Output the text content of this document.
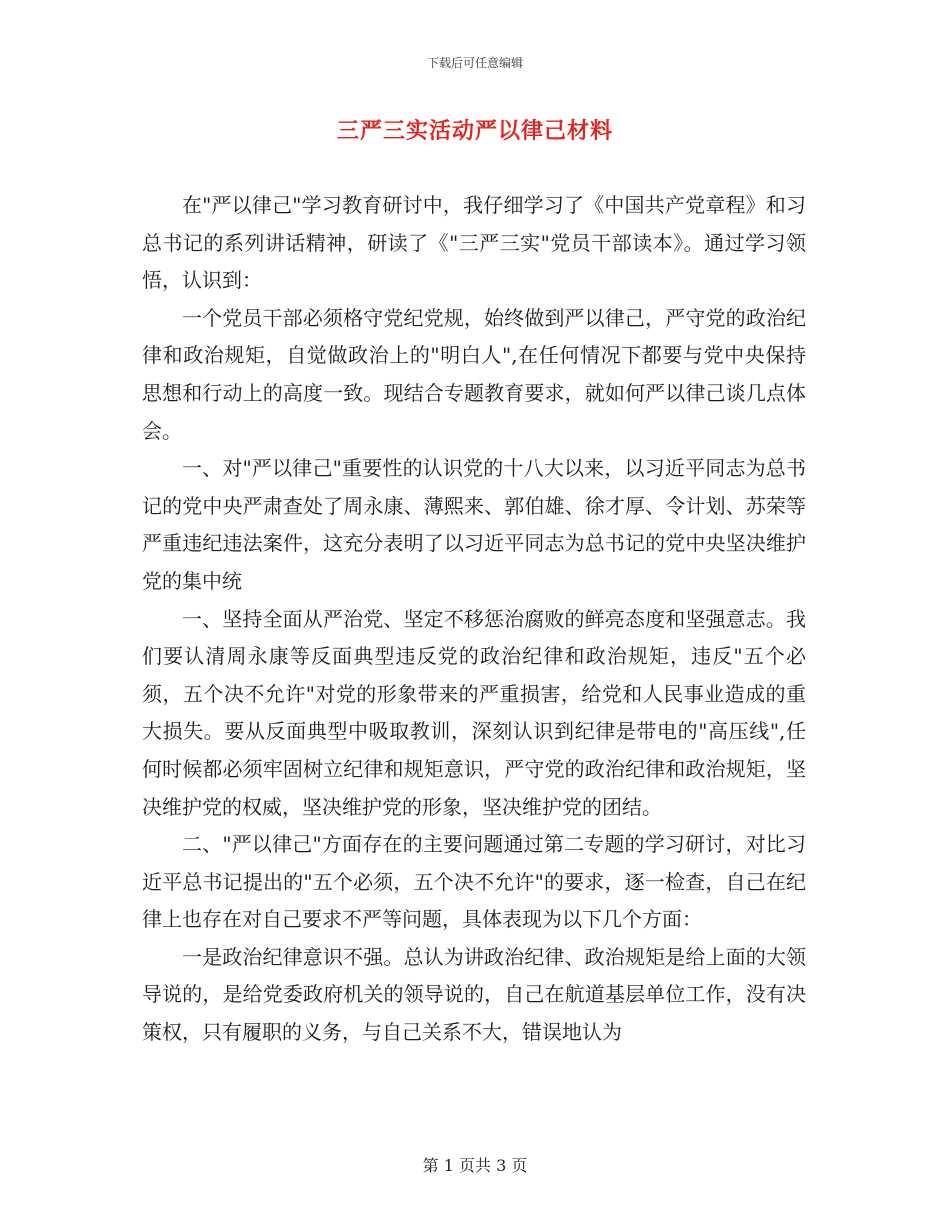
下载后可任意编辑
三严三实活动严以律己材料

在"严以律己"学习教育研讨中，我仔细学习了《中国共产党章程》和习总书记的系列讲话精神，研读了《"三严三实"党员干部读本》。通过学习领悟，认识到：

一个党员干部必须格守党纪党规，始终做到严以律己，严守党的政治纪律和政治规矩，自觉做政治上的"明白人",在任何情况下都要与党中央保持思想和行动上的高度一致。现结合专题教育要求，就如何严以律己谈几点体会。

一、对"严以律己"重要性的认识党的十八大以来，以习近平同志为总书记的党中央严肃查处了周永康、薄熙来、郭伯雄、徐才厚、令计划、苏荣等严重违纪违法案件，这充分表明了以习近平同志为总书记的党中央坚决维护党的集中统

一、坚持全面从严治党、坚定不移惩治腐败的鲜亮态度和坚强意志。我们要认清周永康等反面典型违反党的政治纪律和政治规矩，违反"五个必须，五个决不允许"对党的形象带来的严重损害，给党和人民事业造成的重大损失。要从反面典型中吸取教训，深刻认识到纪律是带电的"高压线",任何时候都必须牢固树立纪律和规矩意识，严守党的政治纪律和政治规矩，坚决维护党的权威，坚决维护党的形象，坚决维护党的团结。

二、"严以律己"方面存在的主要问题通过第二专题的学习研讨，对比习近平总书记提出的"五个必须，五个决不允许"的要求，逐一检查，自己在纪律上也存在对自己要求不严等问题，具体表现为以下几个方面：

一是政治纪律意识不强。总认为讲政治纪律、政治规矩是给上面的大领导说的，是给党委政府机关的领导说的，自己在航道基层单位工作，没有决策权，只有履职的义务，与自己关系不大，错误地认为

第 1 页共 3 页
